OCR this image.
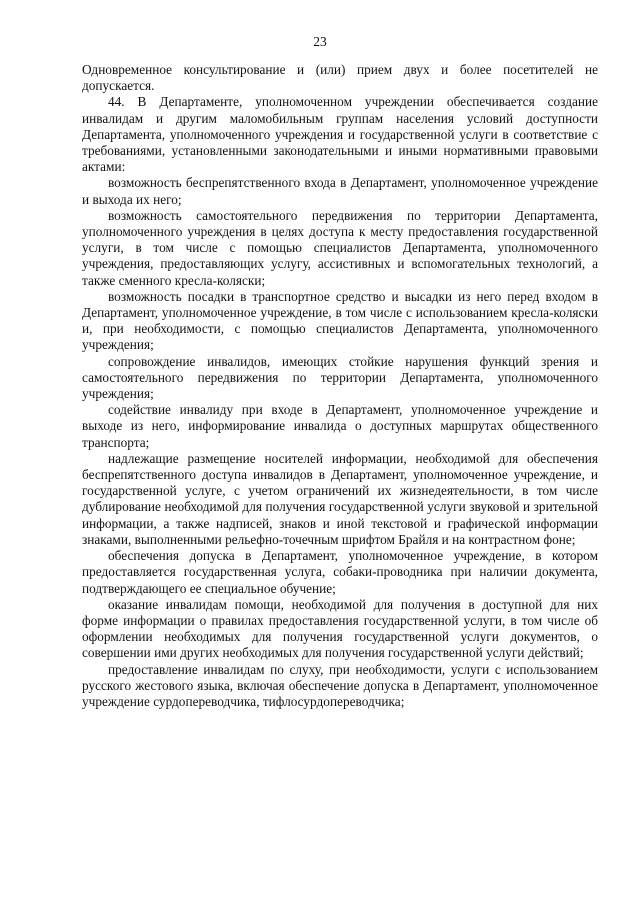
23

Одновременное консультирование и (или) прием двух и более посетителей не допускается.

44. В Департаменте, уполномоченном учреждении обеспечивается создание инвалидам и другим маломобильным группам населения условий доступности Департамента, уполномоченного учреждения и государственной услуги в соответствие с требованиями, установленными законодательными и иными нормативными правовыми актами:

возможность беспрепятственного входа в Департамент, уполномоченное учреждение и выхода их него;

возможность самостоятельного передвижения по территории Департамента, уполномоченного учреждения в целях доступа к месту предоставления государственной услуги, в том числе с помощью специалистов Департамента, уполномоченного учреждения, предоставляющих услугу, ассистивных и вспомогательных технологий, а также сменного кресла-коляски;

возможность посадки в транспортное средство и высадки из него перед входом в Департамент, уполномоченное учреждение, в том числе с использованием кресла-коляски и, при необходимости, с помощью специалистов Департамента, уполномоченного учреждения;

сопровождение инвалидов, имеющих стойкие нарушения функций зрения и самостоятельного передвижения по территории Департамента, уполномоченного учреждения;

содействие инвалиду при входе в Департамент, уполномоченное учреждение и выходе из него, информирование инвалида о доступных маршрутах общественного транспорта;

надлежащие размещение носителей информации, необходимой для обеспечения беспрепятственного доступа инвалидов в Департамент, уполномоченное учреждение, и государственной услуге, с учетом ограничений их жизнедеятельности, в том числе дублирование необходимой для получения государственной услуги звуковой и зрительной информации, а также надписей, знаков и иной текстовой и графической информации знаками, выполненными рельефно-точечным шрифтом Брайля и на контрастном фоне;

обеспечения допуска в Департамент, уполномоченное учреждение, в котором предоставляется государственная услуга, собаки-проводника при наличии документа, подтверждающего ее специальное обучение;

оказание инвалидам помощи, необходимой для получения в доступной для них форме информации о правилах предоставления государственной услуги, в том числе об оформлении необходимых для получения государственной услуги документов, о совершении ими других необходимых для получения государственной услуги действий;

предоставление инвалидам по слуху, при необходимости, услуги с использованием русского жестового языка, включая обеспечение допуска в Департамент, уполномоченное учреждение сурдопереводчика, тифлосурдопереводчика;
